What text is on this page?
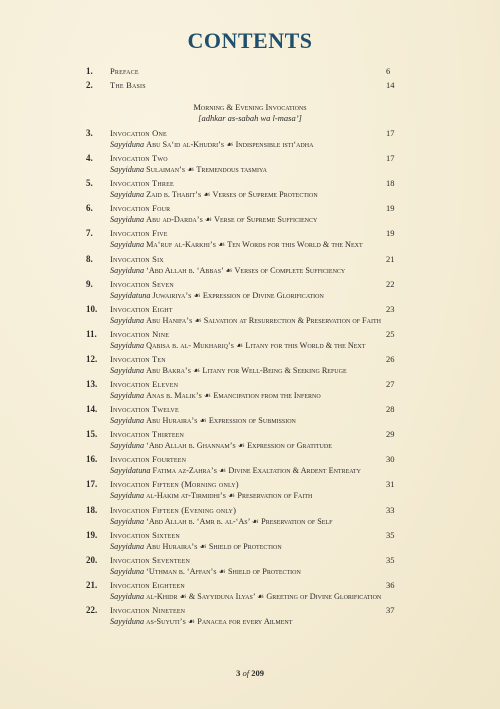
CONTENTS
1. Preface	6
2. The Basis	14
Morning & Evening Invocations
[adhkar as-sabah wa l-masa’]
3. Invocation One	17
Sayyiduna Abu Sa‘id al-Khudri’s ☙ Indispensible isti‘adha
4. Invocation Two	17
Sayyiduna Sulaiman’s ☙ Tremendous tasmiya
5. Invocation Three	18
Sayyiduna Zaid b. Thabit’s ☙ Verses of Supreme Protection
6. Invocation Four	19
Sayyiduna Abu ad-Darda’s ☙ Verse of Supreme Sufficiency
7. Invocation Five	19
Sayyiduna Ma‘ruf al-Karkhi’s ☙ Ten Words for this World & the Next
8. Invocation Six	21
Sayyiduna ‘Abd Allah b. ‘Abbas’ ☙ Verses of Complete Sufficiency
9. Invocation Seven	22
Sayyidatuna Juwairiya’s ☙ Expression of Divine Glorification
10. Invocation Eight	23
Sayyiduna Abu Hanifa’s ☙ Salvation at Resurrection & Preservation of Faith
11. Invocation Nine	25
Sayyiduna Qabisa b. al- Mukhariq’s ☙ Litany for this World & the Next
12. Invocation Ten	26
Sayyiduna Abu Bakra’s ☙ Litany for Well-Being & Seeking Refuge
13. Invocation Eleven	27
Sayyiduna Anas b. Malik’s ☙ Emancipation from the Inferno
14. Invocation Twelve	28
Sayyiduna Abu Huraira’s ☙ Expression of Submission
15. Invocation Thirteen	29
Sayyiduna ‘Abd Allah b. Ghannam’s ☙ Expression of Gratitude
16. Invocation Fourteen	30
Sayyidatuna Fatima az-Zahra’s ☙ Divine Exaltation & Ardent Entreaty
17. Invocation Fifteen (Morning only)	31
Sayyiduna al-Hakim at-Tirmidhi’s ☙ Preservation of Faith
18. Invocation Fifteen (Evening only)	33
Sayyiduna ‘Abd Allah b. ‘Amr b. al-‘As’ ☙ Preservation of Self
19. Invocation Sixteen	35
Sayyiduna Abu Huraira’s ☙ Shield of Protection
20. Invocation Seventeen	35
Sayyiduna ‘Uthman b. ‘Affan’s ☙ Shield of Protection
21. Invocation Eighteen	36
Sayyiduna al-Khidr ☙ & Sayyiduna Ilyas’ ☙ Greeting of Divine Glorification
22. Invocation Nineteen	37
Sayyiduna as-Suyuti’s ☙ Panacea for every Ailment
3 of 209
